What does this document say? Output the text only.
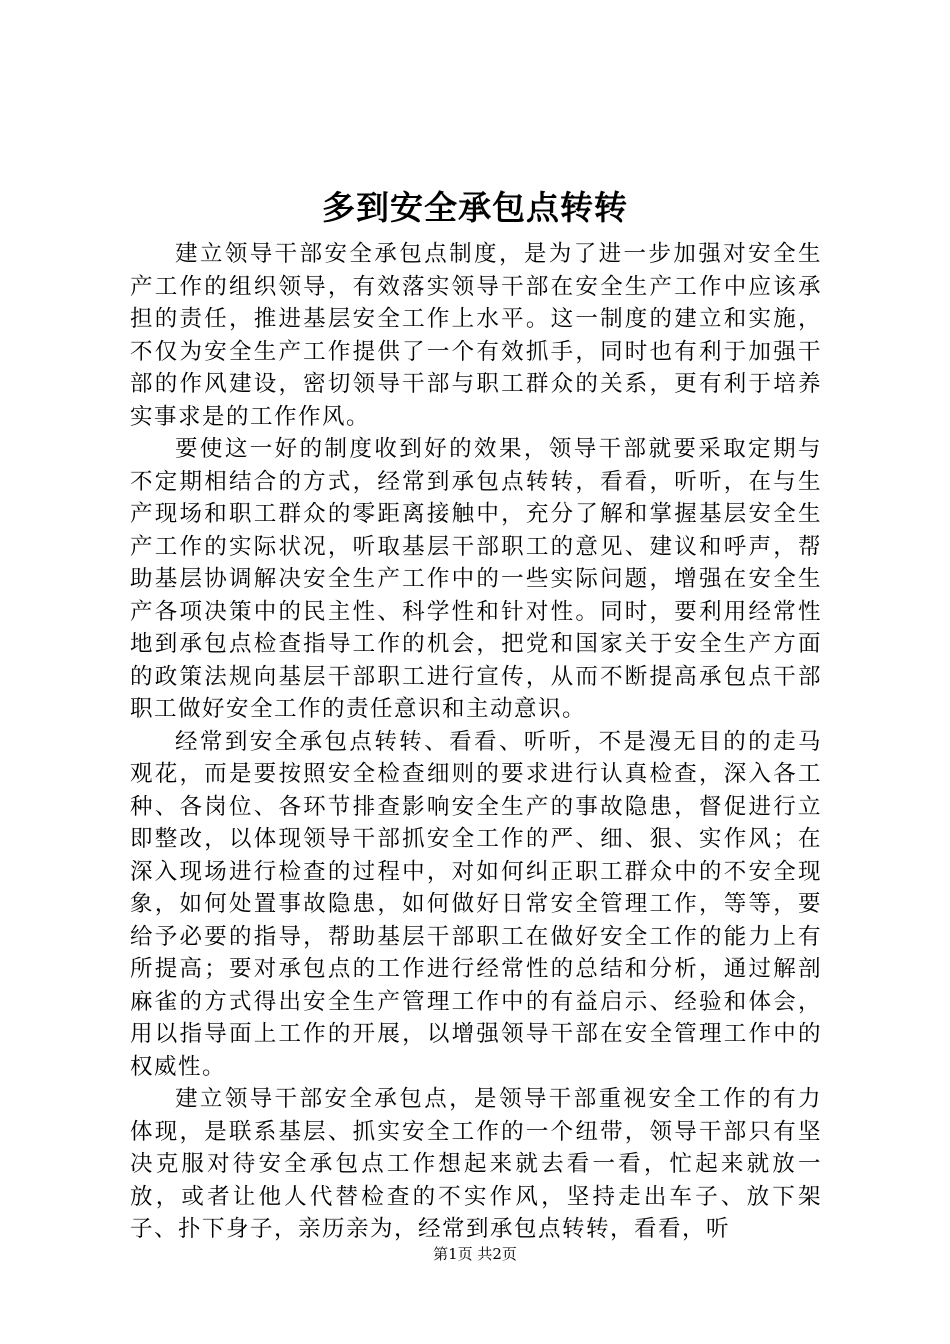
多到安全承包点转转

建立领导干部安全承包点制度，是为了进一步加强对安全生产工作的组织领导，有效落实领导干部在安全生产工作中应该承担的责任，推进基层安全工作上水平。这一制度的建立和实施，不仅为安全生产工作提供了一个有效抓手，同时也有利于加强干部的作风建设，密切领导干部与职工群众的关系，更有利于培养实事求是的工作作风。

要使这一好的制度收到好的效果，领导干部就要采取定期与不定期相结合的方式，经常到承包点转转，看看，听听，在与生产现场和职工群众的零距离接触中，充分了解和掌握基层安全生产工作的实际状况，听取基层干部职工的意见、建议和呼声，帮助基层协调解决安全生产工作中的一些实际问题，增强在安全生产各项决策中的民主性、科学性和针对性。同时，要利用经常性地到承包点检查指导工作的机会，把党和国家关于安全生产方面的政策法规向基层干部职工进行宣传，从而不断提高承包点干部职工做好安全工作的责任意识和主动意识。

经常到安全承包点转转、看看、听听，不是漫无目的的走马观花，而是要按照安全检查细则的要求进行认真检查，深入各工种、各岗位、各环节排查影响安全生产的事故隐患，督促进行立即整改，以体现领导干部抓安全工作的严、细、狠、实作风；在深入现场进行检查的过程中，对如何纠正职工群众中的不安全现象，如何处置事故隐患，如何做好日常安全管理工作，等等，要给予必要的指导，帮助基层干部职工在做好安全工作的能力上有所提高；要对承包点的工作进行经常性的总结和分析，通过解剖麻雀的方式得出安全生产管理工作中的有益启示、经验和体会，用以指导面上工作的开展，以增强领导干部在安全管理工作中的权威性。

建立领导干部安全承包点，是领导干部重视安全工作的有力体现，是联系基层、抓实安全工作的一个纽带，领导干部只有坚决克服对待安全承包点工作想起来就去看一看，忙起来就放一放，或者让他人代替检查的不实作风，坚持走出车子、放下架子、扑下身子，亲历亲为，经常到承包点转转，看看，听

第1页 共2页
